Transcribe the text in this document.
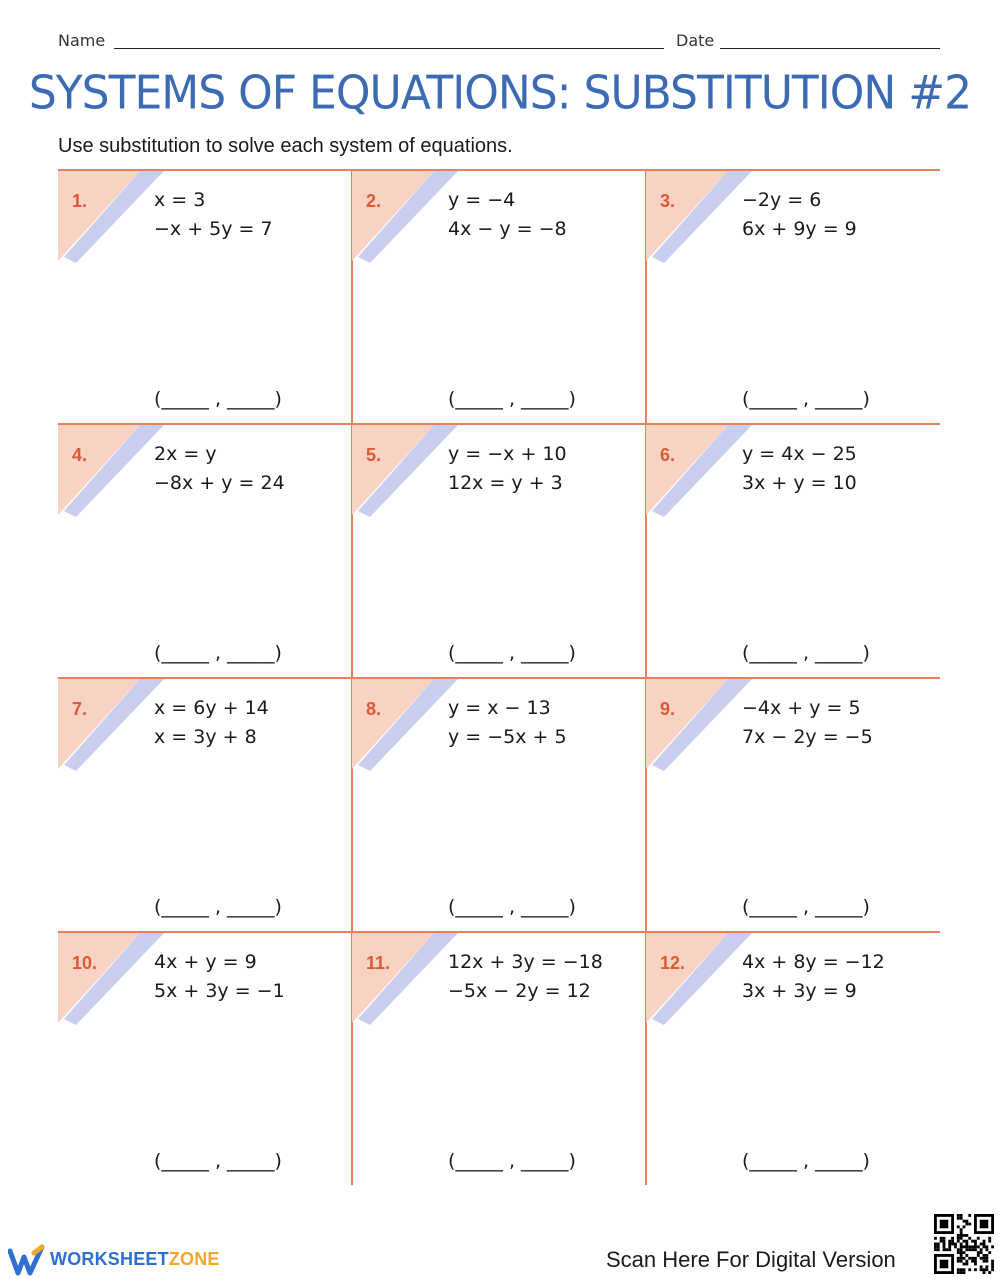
Name	Date
SYSTEMS OF EQUATIONS: SUBSTITUTION #2
Use substitution to solve each system of equations.
1.	x = 3
−x + 5y = 7
(_____ , _____)
2.	y = −4
4x − y = −8
(_____ , _____)
3.	−2y = 6
6x + 9y = 9
(_____ , _____)
4.	2x = y
−8x + y = 24
(_____ , _____)
5.	y = −x + 10
12x = y + 3
(_____ , _____)
6.	y = 4x − 25
3x + y = 10
(_____ , _____)
7.	x = 6y + 14
x = 3y + 8
(_____ , _____)
8.	y = x − 13
y = −5x + 5
(_____ , _____)
9.	−4x + y = 5
7x − 2y = −5
(_____ , _____)
10.	4x + y = 9
5x + 3y = −1
(_____ , _____)
11.	12x + 3y = −18
−5x − 2y = 12
(_____ , _____)
12.	4x + 8y = −12
3x + 3y = 9
(_____ , _____)
WORKSHEETZONE	Scan Here For Digital Version
